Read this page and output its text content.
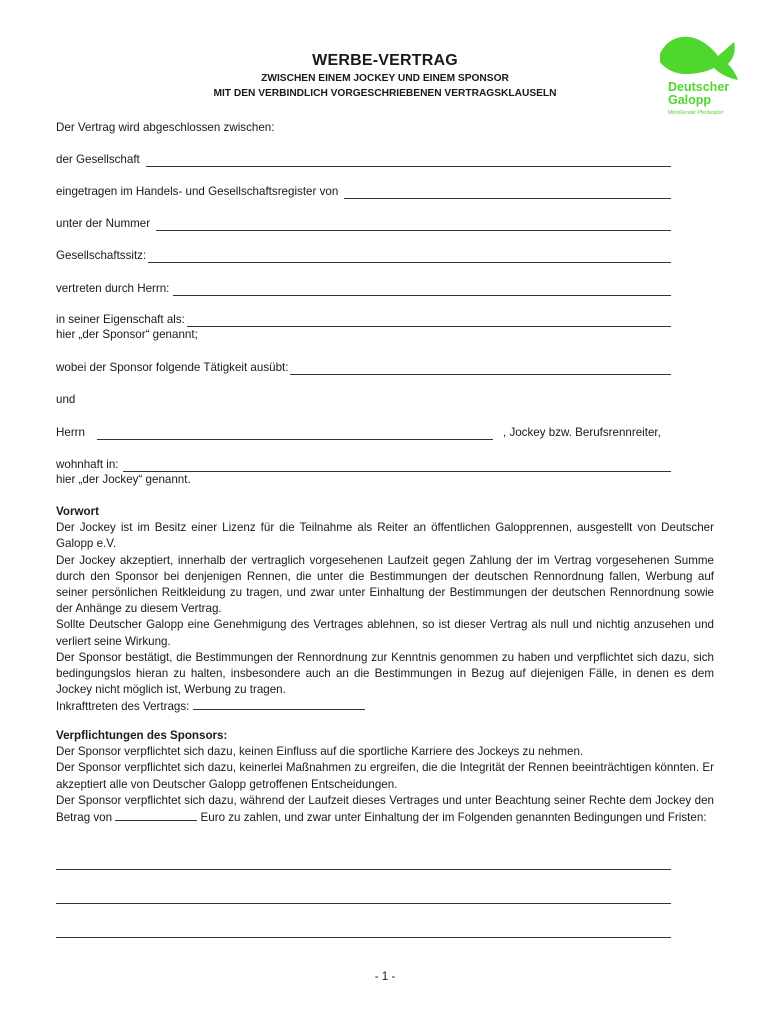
WERBE-VERTRAG
ZWISCHEN EINEM JOCKEY UND EINEM SPONSOR
MIT DEN VERBINDLICH VORGESCHRIEBENEN VERTRAGSKLAUSELN	Deutscher
Galopp
Mitreißender Pferdesport
Der Vertrag wird abgeschlossen zwischen:
der Gesellschaft
eingetragen im Handels- und Gesellschaftsregister von
unter der Nummer
Gesellschaftssitz:
vertreten durch Herrn:
in seiner Eigenschaft als:
hier „der Sponsor“ genannt;
wobei der Sponsor folgende Tätigkeit ausübt:
und
Herrn	, Jockey bzw. Berufsrennreiter,
wohnhaft in:
hier „der Jockey“ genannt.

Vorwort

Der Jockey ist im Besitz einer Lizenz für die Teilnahme als Reiter an öffentlichen Galopprennen, ausgestellt von Deutscher Galopp e.V.

Der Jockey akzeptiert, innerhalb der vertraglich vorgesehenen Laufzeit gegen Zahlung der im Vertrag vorgesehenen Summe durch den Sponsor bei denjenigen Rennen, die unter die Bestimmungen der deutschen Rennordnung fallen, Werbung auf seiner persönlichen Reitkleidung zu tragen, und zwar unter Einhaltung der Bestimmungen der deutschen Rennordnung sowie der Anhänge zu diesem Vertrag.

Sollte Deutscher Galopp eine Genehmigung des Vertrages ablehnen, so ist dieser Vertrag als null und nichtig anzusehen und verliert seine Wirkung.

Der Sponsor bestätigt, die Bestimmungen der Rennordnung zur Kenntnis genommen zu haben und verpflichtet sich dazu, sich bedingungslos hieran zu halten, insbesondere auch an die Bestimmungen in Bezug auf diejenigen Fälle, in denen es dem Jockey nicht möglich ist, Werbung zu tragen.

Inkrafttreten des Vertrags:

Verpflichtungen des Sponsors:

Der Sponsor verpflichtet sich dazu, keinen Einfluss auf die sportliche Karriere des Jockeys zu nehmen.

Der Sponsor verpflichtet sich dazu, keinerlei Maßnahmen zu ergreifen, die die Integrität der Rennen beeinträchtigen könnten. Er akzeptiert alle von Deutscher Galopp getroffenen Entscheidungen.

Der Sponsor verpflichtet sich dazu, während der Laufzeit dieses Vertrages und unter Beachtung seiner Rechte dem Jockey den Betrag von	Euro zu zahlen, und zwar unter Einhaltung der im Folgenden genannten Bedingungen und Fristen:

- 1 -
